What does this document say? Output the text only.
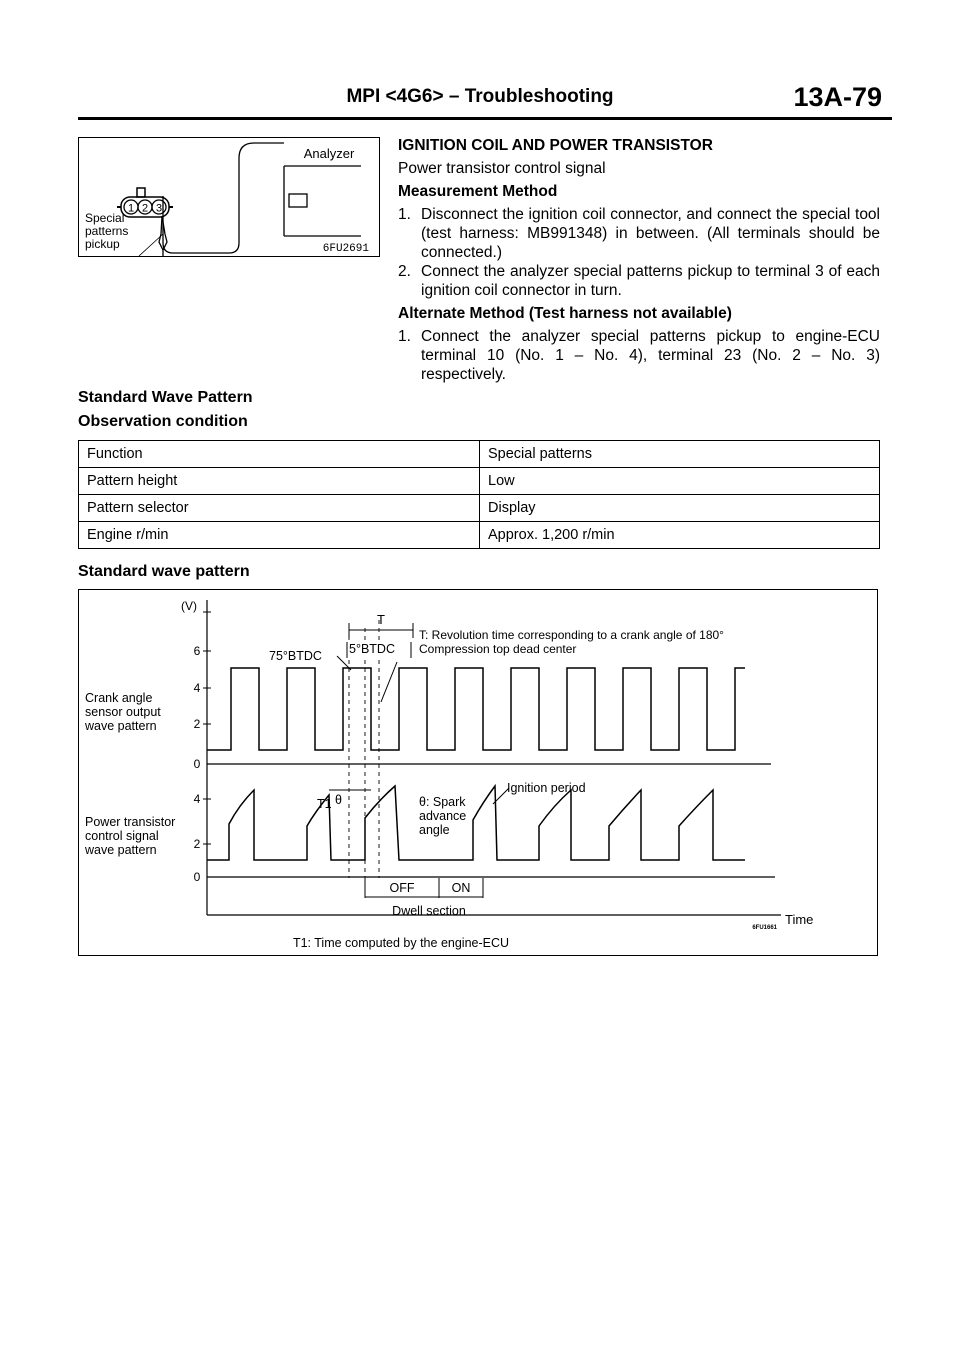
MPI <4G6> – Troubleshooting	13A-79
1 2 3
Analyzer
Special
patterns
pickup	6FU2691

IGNITION COIL AND POWER TRANSISTOR

Power transistor control signal

Measurement Method

1. Disconnect the ignition coil connector, and connect the special tool (test harness: MB991348) in between. (All terminals should be connected.)
2. Connect the analyzer special patterns pickup to terminal 3 of each ignition coil connector in turn.

Alternate Method (Test harness not available)

1. Connect the analyzer special patterns pickup to engine-ECU terminal 10 (No. 1 – No. 4), terminal 23 (No. 2 – No. 3) respectively.
Standard Wave Pattern
Observation condition
Function	Special patterns
Pattern height	Low
Pattern selector	Display
Engine r/min	Approx. 1,200 r/min
Standard wave pattern
(V)
6
4
2
0
4
2
0
Crank angle
sensor output
wave pattern
Power transistor
control signal
wave pattern
T
T: Revolution time corresponding to a crank angle of 180°
5°BTDC
75°BTDC	Compression top dead center
T1 θ	θ: Spark
advance
angle
Ignition period
OFF	ON
Dwell section
Time
6FU1661
T1: Time computed by the engine-ECU
